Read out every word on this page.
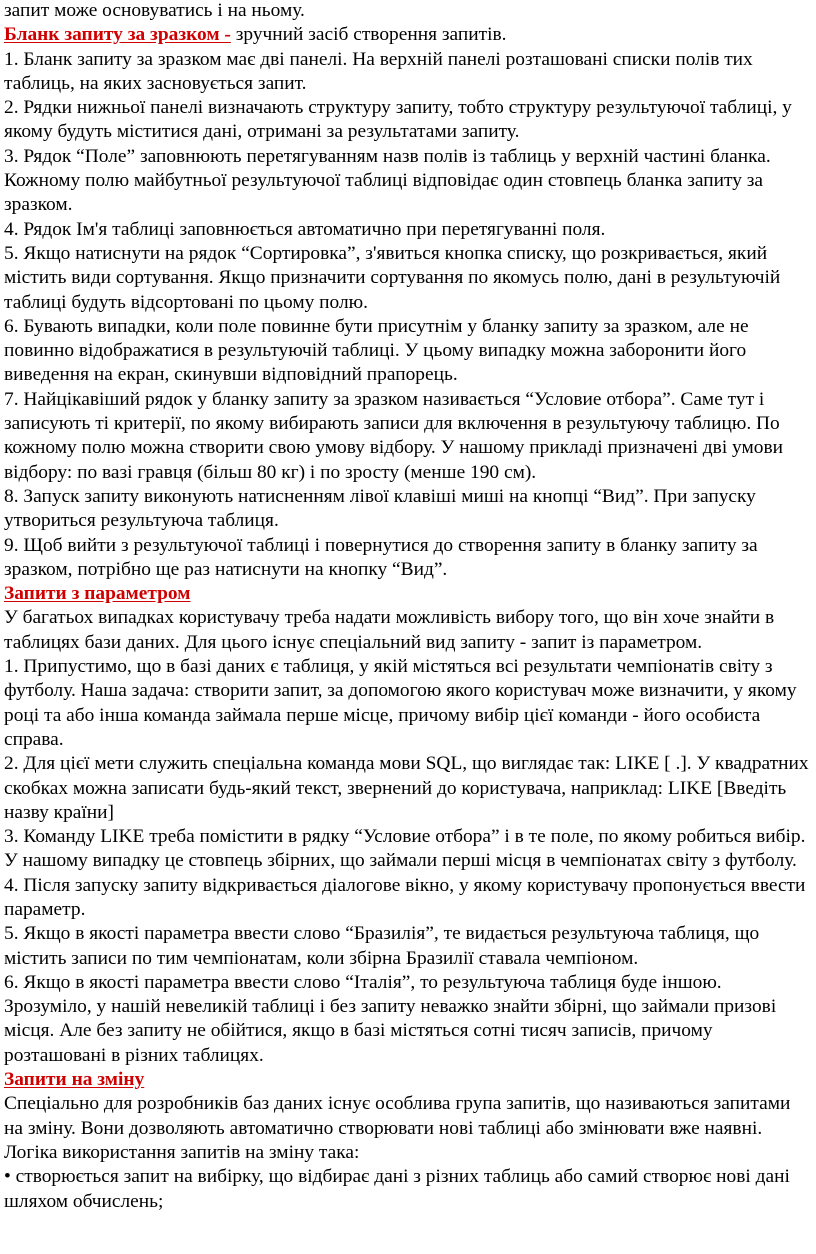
запит може основуватись і на ньому.

Бланк запиту за зразком - зручний засіб створення запитів.

1. Бланк запиту за зразком має дві панелі. На верхній панелі розташовані списки полів тих таблиць, на яких засновується запит.

2. Рядки нижньої панелі визначають структуру запиту, тобто структуру результуючої таблиці, у якому будуть міститися дані, отримані за результатами запиту.

3. Рядок “Поле” заповнюють перетягуванням назв полів із таблиць у верхній частині бланка. Кожному полю майбутньої результуючої таблиці відповідає один стовпець бланка запиту за зразком.

4. Рядок Ім'я таблиці заповнюється автоматично при перетягуванні поля.

5. Якщо натиснути на рядок “Сортировка”, з'явиться кнопка списку, що розкривається, який містить види сортування. Якщо призначити сортування по якомусь полю, дані в результуючій таблиці будуть відсортовані по цьому полю.

6. Бувають випадки, коли поле повинне бути присутнім у бланку запиту за зразком, але не повинно відображатися в результуючій таблиці. У цьому випадку можна заборонити його виведення на екран, скинувши відповідний прапорець.

7. Найцікавіший рядок у бланку запиту за зразком називається “Условие отбора”. Саме тут і записують ті критерії, по якому вибирають записи для включення в результуючу таблицю. По кожному полю можна створити свою умову відбору. У нашому прикладі призначені дві умови відбору: по вазі гравця (більш 80 кг) і по зросту (менше 190 см).

8. Запуск запиту виконують натисненням лівої клавіші миші на кнопці “Вид”. При запуску утвориться результуюча таблиця.

9. Щоб вийти з результуючої таблиці і повернутися до створення запиту в бланку запиту за зразком, потрібно ще раз натиснути на кнопку “Вид”.

Запити з параметром

У багатьох випадках користувачу треба надати можливість вибору того, що він хоче знайти в таблицях бази даних. Для цього існує спеціальний вид запиту - запит із параметром.

1. Припустимо, що в базі даних є таблиця, у якій містяться всі результати чемпіонатів світу з футболу. Наша задача: створити запит, за допомогою якого користувач може визначити, у якому році та або інша команда займала перше місце, причому вибір цієї команди - його особиста справа.

2. Для цієї мети служить спеціальна команда мови SQL, що виглядає так: LIKE [ .]. У квадратних скобках можна записати будь-який текст, звернений до користувача, наприклад: LIKE [Введіть назву країни]

3. Команду LIKE треба помістити в рядку “Условие отбора” і в те поле, по якому робиться вибір. У нашому випадку це стовпець збірних, що займали перші місця в чемпіонатах світу з футболу.

4. Після запуску запиту відкривається діалогове вікно, у якому користувачу пропонується ввести параметр.

5. Якщо в якості параметра ввести слово “Бразилія”, те видається результуюча таблиця, що містить записи по тим чемпіонатам, коли збірна Бразилії ставала чемпіоном.

6. Якщо в якості параметра ввести слово “Італія”, то результуюча таблиця буде іншою. Зрозуміло, у нашій невеликій таблиці і без запиту неважко знайти збірні, що займали призові місця. Але без запиту не обійтися, якщо в базі містяться сотні тисяч записів, причому розташовані в різних таблицях.

Запити на зміну

Спеціально для розробників баз даних існує особлива група запитів, що називаються запитами на зміну. Вони дозволяють автоматично створювати нові таблиці або змінювати вже наявні. Логіка використання запитів на зміну така:

• створюється запит на вибірку, що відбирає дані з різних таблиць або самий створює нові дані шляхом обчислень;
